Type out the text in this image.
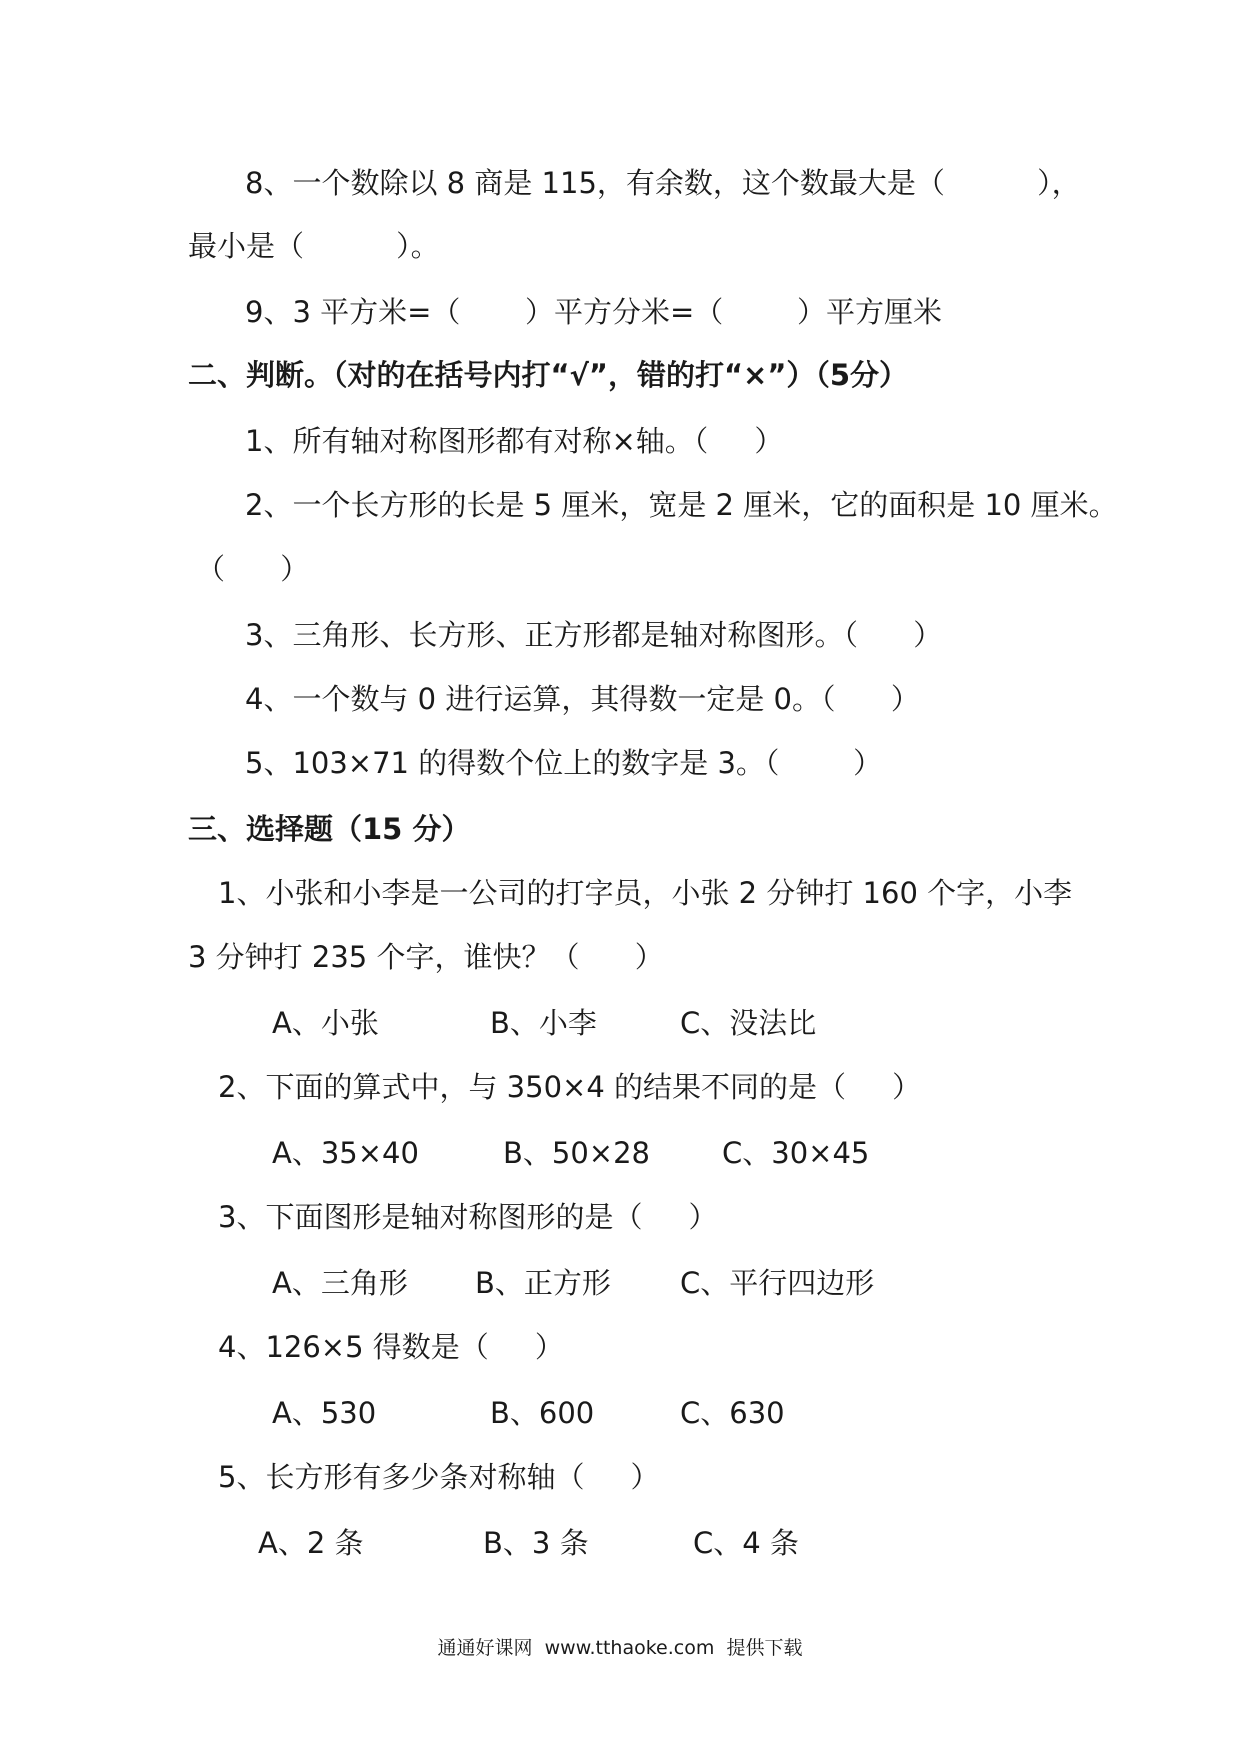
8、一个数除以 8 商是 115，有余数，这个数最大是（          ），
最小是（          ）。
9、3 平方米=（       ）平方分米=（        ）平方厘米
二、判断。（对的在括号内打“√”，错的打“×”）（5分）
1、所有轴对称图形都有对称×轴。（     ）
2、一个长方形的长是 5 厘米，宽是 2 厘米，它的面积是 10 厘米。
（      ）
3、三角形、长方形、正方形都是轴对称图形。（      ）
4、一个数与 0 进行运算，其得数一定是 0。（      ）
5、103×71 的得数个位上的数字是 3。（        ）
三、选择题（15 分）
1、小张和小李是一公司的打字员，小张 2 分钟打 160 个字，小李
3 分钟打 235 个字，谁快？（      ）
A、小张	B、小李	C、没法比
2、下面的算式中，与 350×4 的结果不同的是（     ）
A、35×40	B、50×28 C、30×45
3、下面图形是轴对称图形的是（     ）
A、三角形 B、正方形 C、平行四边形
4、126×5 得数是（     ）
A、530	B、600	C、630
5、长方形有多少条对称轴（     ）
A、2 条	B、3 条	C、4 条
通通好课网  www.tthaoke.com  提供下载
